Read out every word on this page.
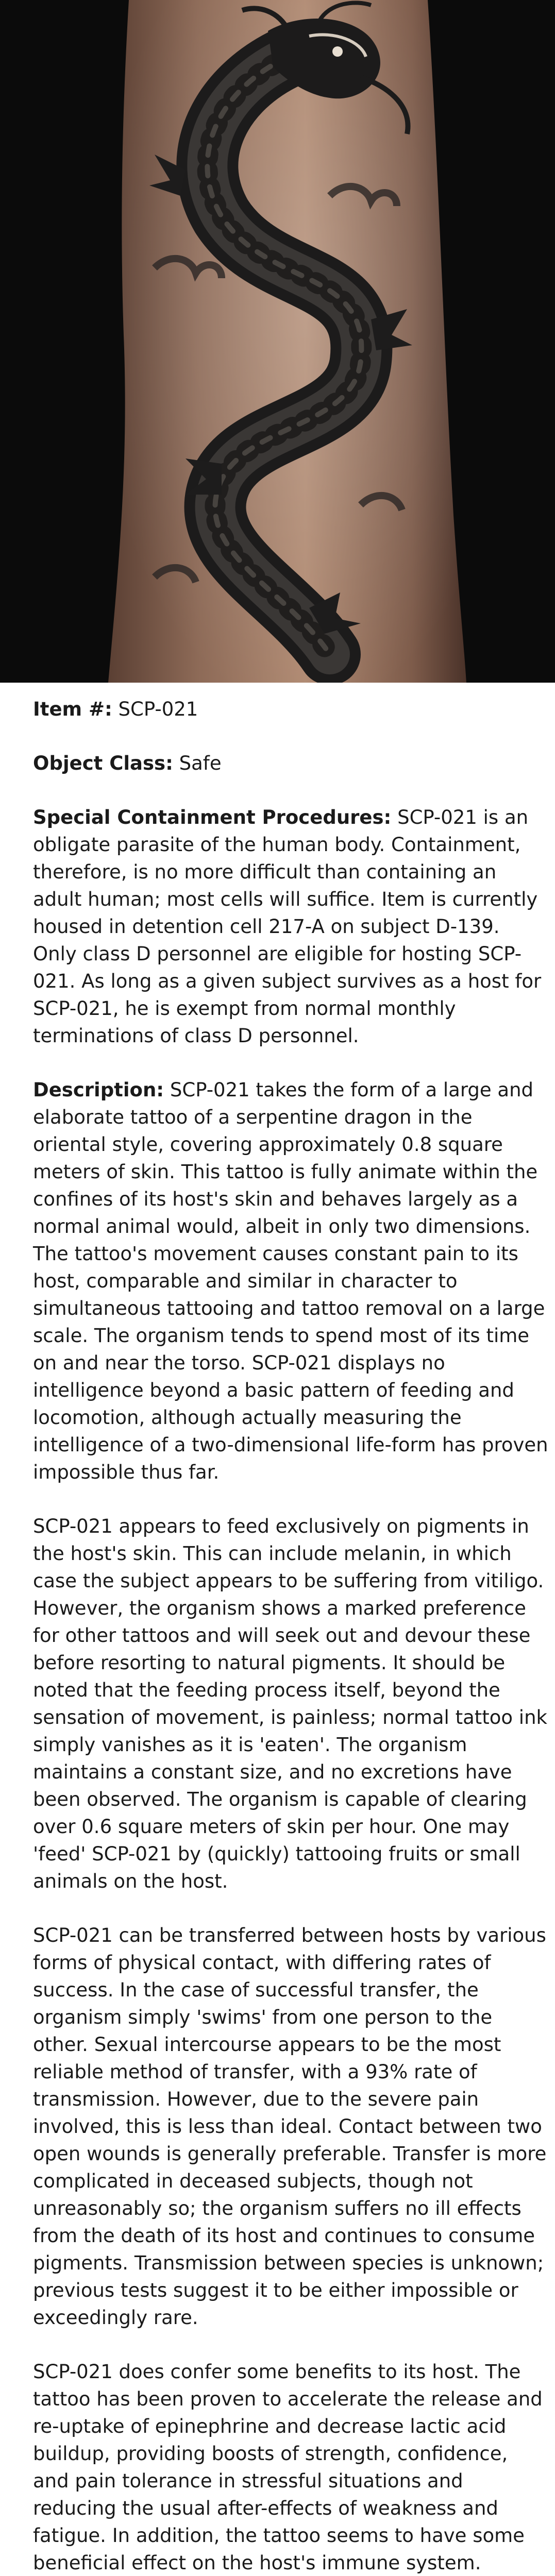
Item #: SCP-021

Object Class: Safe

Special Containment Procedures: SCP-021 is an obligate parasite of the human body. Containment, therefore, is no more difficult than containing an adult human; most cells will suffice. Item is currently housed in detention cell 217-A on subject D-139. Only class D personnel are eligible for hosting SCP-021. As long as a given subject survives as a host for SCP-021, he is exempt from normal monthly terminations of class D personnel.

Description: SCP-021 takes the form of a large and elaborate tattoo of a serpentine dragon in the oriental style, covering approximately 0.8 square meters of skin. This tattoo is fully animate within the confines of its host's skin and behaves largely as a normal animal would, albeit in only two dimensions. The tattoo's movement causes constant pain to its host, comparable and similar in character to simultaneous tattooing and tattoo removal on a large scale. The organism tends to spend most of its time on and near the torso. SCP-021 displays no intelligence beyond a basic pattern of feeding and locomotion, although actually measuring the intelligence of a two-dimensional life-form has proven impossible thus far.

SCP-021 appears to feed exclusively on pigments in the host's skin. This can include melanin, in which case the subject appears to be suffering from vitiligo. However, the organism shows a marked preference for other tattoos and will seek out and devour these before resorting to natural pigments. It should be noted that the feeding process itself, beyond the sensation of movement, is painless; normal tattoo ink simply vanishes as it is 'eaten'. The organism maintains a constant size, and no excretions have been observed. The organism is capable of clearing over 0.6 square meters of skin per hour. One may 'feed' SCP-021 by (quickly) tattooing fruits or small animals on the host.

SCP-021 can be transferred between hosts by various forms of physical contact, with differing rates of success. In the case of successful transfer, the organism simply 'swims' from one person to the other. Sexual intercourse appears to be the most reliable method of transfer, with a 93% rate of transmission. However, due to the severe pain involved, this is less than ideal. Contact between two open wounds is generally preferable. Transfer is more complicated in deceased subjects, though not unreasonably so; the organism suffers no ill effects from the death of its host and continues to consume pigments. Transmission between species is unknown; previous tests suggest it to be either impossible or exceedingly rare.

SCP-021 does confer some benefits to its host. The tattoo has been proven to accelerate the release and re-uptake of epinephrine and decrease lactic acid buildup, providing boosts of strength, confidence, and pain tolerance in stressful situations and reducing the usual after-effects of weakness and fatigue. In addition, the tattoo seems to have some beneficial effect on the host's immune system.
